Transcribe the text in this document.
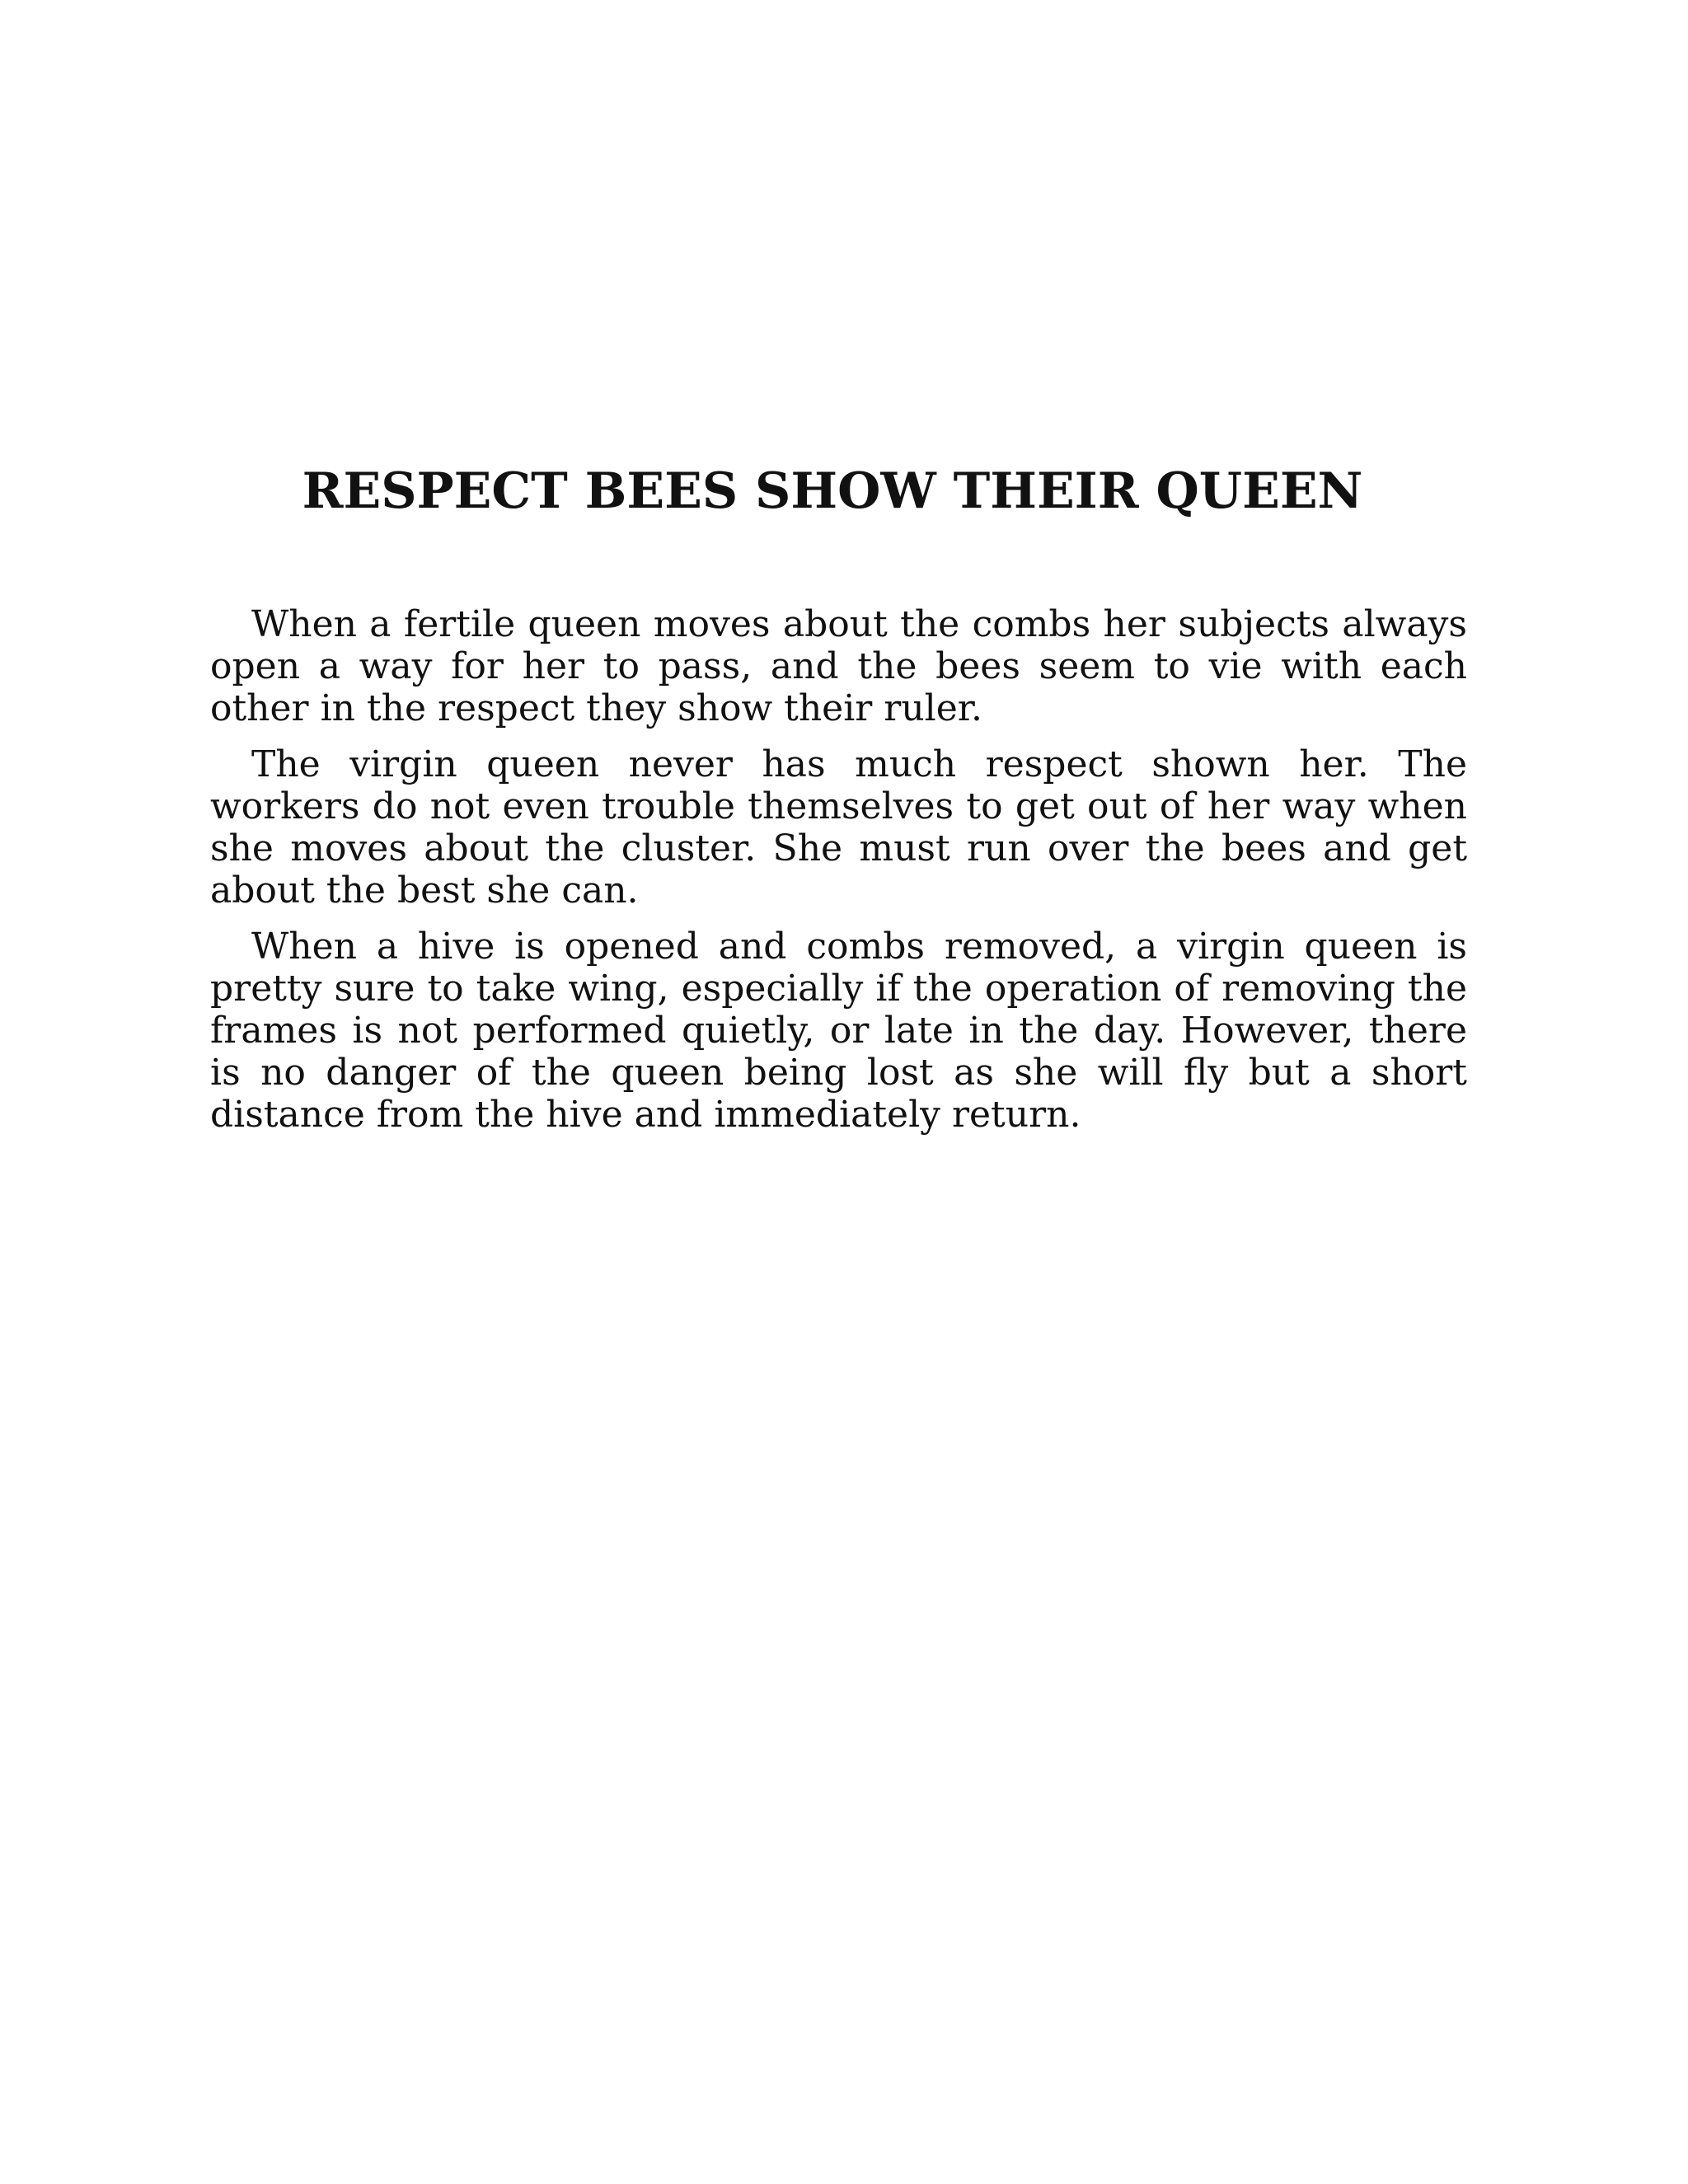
RESPECT BEES SHOW THEIR QUEEN

When a fertile queen moves about the combs her subjects always open a way for her to pass, and the bees seem to vie with each other in the respect they show their ruler.

The virgin queen never has much respect shown her. The workers do not even trouble themselves to get out of her way when she moves about the cluster. She must run over the bees and get about the best she can.

When a hive is opened and combs removed, a virgin queen is pretty sure to take wing, especially if the operation of removing the frames is not performed quietly, or late in the day. However, there is no danger of the queen being lost as she will fly but a short distance from the hive and immediately return.
